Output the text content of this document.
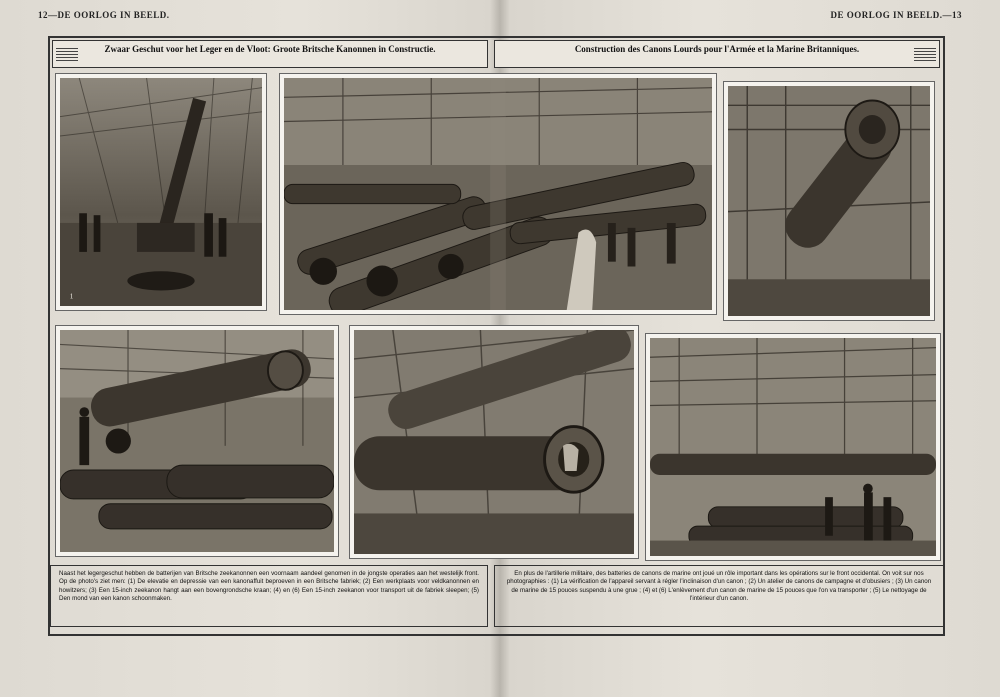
12—DE OORLOG IN BEELD.	DE OORLOG IN BEELD.—13
Zwaar Geschut voor het Leger en de Vloot: Groote Britsche Kanonnen in Constructie.	Construction des Canons Lourds pour l'Armée et la Marine Britanniques.
1
Naast het legergeschut hebben de batterijen van Britsche zeekanonnen een voornaam aandeel genomen in de jongste operaties aan het westelijk front. Op de photo's ziet men: (1) De elevatie en depressie van een kanonaffuit beproeven in een Britsche fabriek; (2) Een werkplaats voor veldkanonnen en howitzers; (3) Een 15-inch zeekanon hangt aan een bovengrondsche kraan; (4) en (6) Een 15-inch zeekanon voor transport uit de fabriek sleepen; (5) Den mond van een kanon schoonmaken.
En plus de l'artillerie militaire, des batteries de canons de marine ont joué un rôle important dans les opérations sur le front occidental. On voit sur nos photographies : (1) La vérification de l'appareil servant à régler l'inclinaison d'un canon ; (2) Un atelier de canons de campagne et d'obusiers ; (3) Un canon de marine de 15 pouces suspendu à une grue ; (4) et (6) L'enlèvement d'un canon de marine de 15 pouces que l'on va transporter ; (5) Le nettoyage de l'intérieur d'un canon.
